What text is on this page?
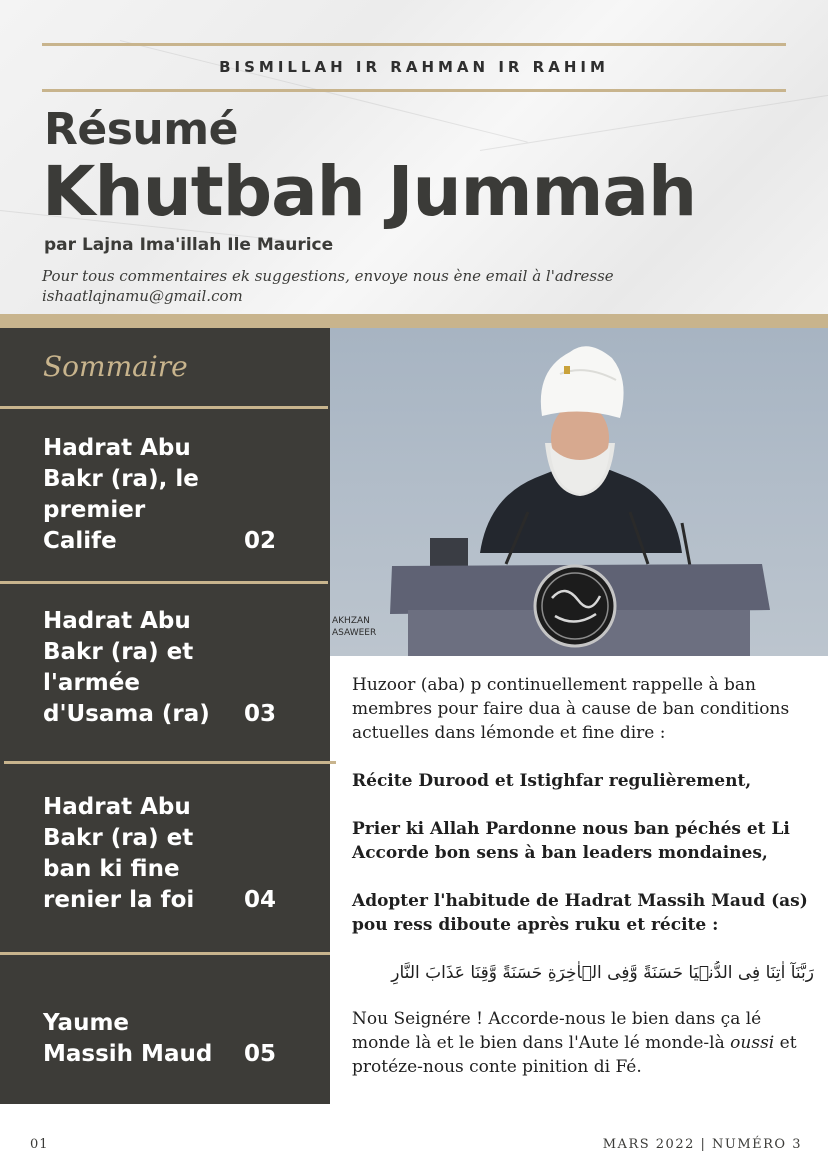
BISMILLAH IR RAHMAN IR RAHIM
Résumé
Khutbah Jummah
par Lajna Ima'illah Ile Maurice
Pour tous commentaires ek suggestions, envoye nous ène email à l'adresse ishaatlajnamu@gmail.com
Sommaire
Hadrat Abu
Bakr (ra), le
premier
Calife	02
Hadrat Abu
Bakr (ra) et
l'armée
d'Usama (ra) 03
Hadrat Abu
Bakr (ra) et
ban ki fine
renier la foi 04
Yaume
Massih Maud 05
AKHZAN
ASAWEER

Huzoor (aba) p continuellement rappelle à ban membres pour faire dua à cause de ban conditions actuelles dans lémonde et fine dire :

Récite Durood et Istighfar regulièrement,

Prier ki Allah Pardonne nous ban péchés et Li Accorde bon sens à ban leaders mondaines,

Adopter l'habitude de Hadrat Massih Maud (as) pou ress diboute après ruku et récite :

رَبَّنَآ اٰتِنَا فِى الدُّنۡيَا حَسَنَةً وَّفِى الۡاٰخِرَةِ حَسَنَةً وَّقِنَا عَذَابَ النَّارِ

Nou Seignére ! Accorde-nous le bien dans ça lé monde là et le bien dans l'Aute lé monde-là oussi et protéze-nous conte pinition di Fé.

01	MARS 2022 | NUMÉRO 3
